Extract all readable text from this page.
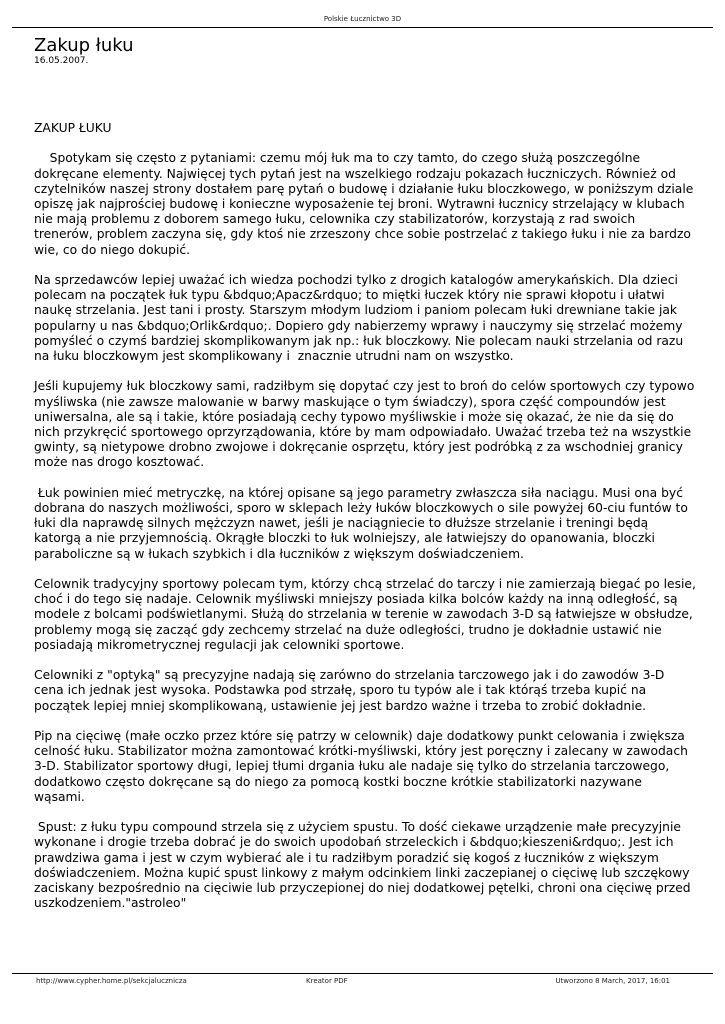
Polskie Łucznictwo 3D
Zakup łuku
16.05.2007.

ZAKUP ŁUKU

Spotykam się często z pytaniami: czemu mój łuk ma to czy tamto, do czego służą poszczególne dokręcane elementy. Najwięcej tych pytań jest na wszelkiego rodzaju pokazach łuczniczych. Również od czytelników naszej strony dostałem parę pytań o budowę i działanie łuku bloczkowego, w poniższym dziale opiszę jak najprościej budowę i konieczne wyposażenie tej broni. Wytrawni łucznicy strzelający w klubach nie mają problemu z doborem samego łuku, celownika czy stabilizatorów, korzystają z rad swoich trenerów, problem zaczyna się, gdy ktoś nie zrzeszony chce sobie postrzelać z takiego łuku i nie za bardzo wie, co do niego dokupić.

Na sprzedawców lepiej uważać ich wiedza pochodzi tylko z drogich katalogów amerykańskich. Dla dzieci polecam na początek łuk typu &bdquo;Apacz&rdquo; to miętki łuczek który nie sprawi kłopotu i ułatwi naukę strzelania. Jest tani i prosty. Starszym młodym ludziom i paniom polecam łuki drewniane takie jak popularny u nas &bdquo;Orlik&rdquo;. Dopiero gdy nabierzemy wprawy i nauczymy się strzelać możemy pomyśleć o czymś bardziej skomplikowanym jak np.: łuk bloczkowy. Nie polecam nauki strzelania od razu na łuku bloczkowym jest skomplikowany i  znacznie utrudni nam on wszystko.

Jeśli kupujemy łuk bloczkowy sami, radziłbym się dopytać czy jest to broń do celów sportowych czy typowo myśliwska (nie zawsze malowanie w barwy maskujące o tym świadczy), spora część compoundów jest uniwersalna, ale są i takie, które posiadają cechy typowo myśliwskie i może się okazać, że nie da się do nich przykręcić sportowego oprzyrządowania, które by mam odpowiadało. Uważać trzeba też na wszystkie gwinty, są nietypowe drobno zwojowe i dokręcanie osprzętu, który jest podróbką z za wschodniej granicy może nas drogo kosztować.

Łuk powinien mieć metryczkę, na której opisane są jego parametry zwłaszcza siła naciągu. Musi ona być dobrana do naszych możliwości, sporo w sklepach leży łuków bloczkowych o sile powyżej 60-ciu funtów to łuki dla naprawdę silnych mężczyzn nawet, jeśli je naciągniecie to dłuższe strzelanie i treningi będą katorgą a nie przyjemnością. Okrągłe bloczki to łuk wolniejszy, ale łatwiejszy do opanowania, bloczki paraboliczne są w łukach szybkich i dla łuczników z większym doświadczeniem.

Celownik tradycyjny sportowy polecam tym, którzy chcą strzelać do tarczy i nie zamierzają biegać po lesie, choć i do tego się nadaje. Celownik myśliwski mniejszy posiada kilka bolców każdy na inną odległość, są modele z bolcami podświetlanymi. Służą do strzelania w terenie w zawodach 3-D są łatwiejsze w obsłudze, problemy mogą się zacząć gdy zechcemy strzelać na duże odległości, trudno je dokładnie ustawić nie posiadają mikrometrycznej regulacji jak celowniki sportowe.

Celowniki z "optyką" są precyzyjne nadają się zarówno do strzelania tarczowego jak i do zawodów 3-D cena ich jednak jest wysoka. Podstawka pod strzałę, sporo tu typów ale i tak którąś trzeba kupić na początek lepiej mniej skomplikowaną, ustawienie jej jest bardzo ważne i trzeba to zrobić dokładnie.

Pip na cięciwę (małe oczko przez które się patrzy w celownik) daje dodatkowy punkt celowania i zwiększa celność łuku. Stabilizator można zamontować krótki-myśliwski, który jest poręczny i zalecany w zawodach 3-D. Stabilizator sportowy długi, lepiej tłumi drgania łuku ale nadaje się tylko do strzelania tarczowego, dodatkowo często dokręcane są do niego za pomocą kostki boczne krótkie stabilizatorki nazywane wąsami.

Spust: z łuku typu compound strzela się z użyciem spustu. To dość ciekawe urządzenie małe precyzyjnie wykonane i drogie trzeba dobrać je do swoich upodobań strzeleckich i &bdquo;kieszeni&rdquo;. Jest ich prawdziwa gama i jest w czym wybierać ale i tu radziłbym poradzić się kogoś z łuczników z większym doświadczeniem. Można kupić spust linkowy z małym odcinkiem linki zaczepianej o cięciwę lub szczękowy zaciskany bezpośrednio na cięciwie lub przyczepionej do niej dodatkowej pętelki, chroni ona cięciwę przed uszkodzeniem."astroleo"

http://www.cypher.home.pl/sekcjalucznicza	Kreator PDF	Utworzono 8 March, 2017, 16:01
